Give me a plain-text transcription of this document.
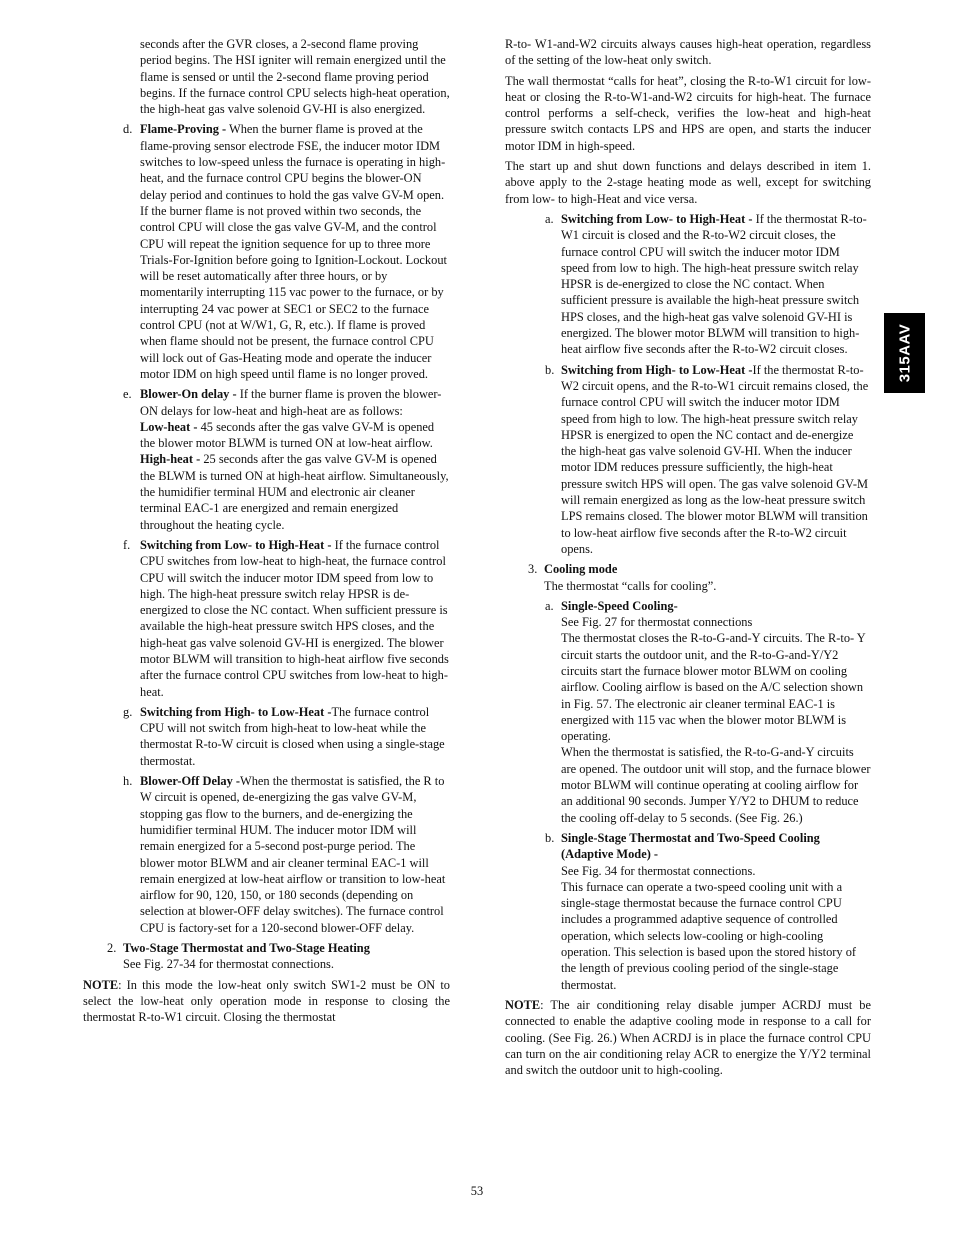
seconds after the GVR closes, a 2-second flame proving period begins. The HSI igniter will remain energized until the flame is sensed or until the 2-second flame proving period begins. If the furnace control CPU selects high-heat operation, the high-heat gas valve solenoid GV-HI is also energized.

d. Flame-Proving - When the burner flame is proved at the flame-proving sensor electrode FSE, the inducer motor IDM switches to low-speed unless the furnace is operating in high-heat, and the furnace control CPU begins the blower-ON delay period and continues to hold the gas valve GV-M open. If the burner flame is not proved within two seconds, the control CPU will close the gas valve GV-M, and the control CPU will repeat the ignition sequence for up to three more Trials-For-Ignition before going to Ignition-Lockout. Lockout will be reset automatically after three hours, or by momentarily interrupting 115 vac power to the furnace, or by interrupting 24 vac power at SEC1 or SEC2 to the furnace control CPU (not at W/W1, G, R, etc.). If flame is proved when flame should not be present, the furnace control CPU will lock out of Gas-Heating mode and operate the inducer motor IDM on high speed until flame is no longer proved.
e. Blower-On delay - If the burner flame is proven the blower-ON delays for low-heat and high-heat are as follows:

Low-heat - 45 seconds after the gas valve GV-M is opened the blower motor BLWM is turned ON at low-heat airflow.

High-heat - 25 seconds after the gas valve GV-M is opened the BLWM is turned ON at high-heat airflow. Simultaneously, the humidifier terminal HUM and electronic air cleaner terminal EAC-1 are energized and remain energized throughout the heating cycle.

f. Switching from Low- to High-Heat - If the furnace control CPU switches from low-heat to high-heat, the furnace control CPU will switch the inducer motor IDM speed from low to high. The high-heat pressure switch relay HPSR is de-energized to close the NC contact. When sufficient pressure is available the high-heat pressure switch HPS closes, and the high-heat gas valve solenoid GV-HI is energized. The blower motor BLWM will transition to high-heat airflow five seconds after the furnace control CPU switches from low-heat to high-heat.
g. Switching from High- to Low-Heat -The furnace control CPU will not switch from high-heat to low-heat while the thermostat R-to-W circuit is closed when using a single-stage thermostat.
h. Blower-Off Delay -When the thermostat is satisfied, the R to W circuit is opened, de-energizing the gas valve GV-M, stopping gas flow to the burners, and de-energizing the humidifier terminal HUM. The inducer motor IDM will remain energized for a 5-second post-purge period. The blower motor BLWM and air cleaner terminal EAC-1 will remain energized at low-heat airflow or transition to low-heat airflow for 90, 120, 150, or 180 seconds (depending on selection at blower-OFF delay switches). The furnace control CPU is factory-set for a 120-second blower-OFF delay.
2. Two-Stage Thermostat and Two-Stage Heating

See Fig. 27-34 for thermostat connections.

NOTE: In this mode the low-heat only switch SW1-2 must be ON to select the low-heat only operation mode in response to closing the thermostat R-to-W1 circuit. Closing the thermostat

R-to- W1-and-W2 circuits always causes high-heat operation, regardless of the setting of the low-heat only switch.

The wall thermostat “calls for heat”, closing the R-to-W1 circuit for low-heat or closing the R-to-W1-and-W2 circuits for high-heat. The furnace control performs a self-check, verifies the low-heat and high-heat pressure switch contacts LPS and HPS are open, and starts the inducer motor IDM in high-speed.

The start up and shut down functions and delays described in item 1. above apply to the 2-stage heating mode as well, except for switching from low- to high-Heat and vice versa.

a. Switching from Low- to High-Heat - If the thermostat R-to-W1 circuit is closed and the R-to-W2 circuit closes, the furnace control CPU will switch the inducer motor IDM speed from low to high. The high-heat pressure switch relay HPSR is de-energized to close the NC contact. When sufficient pressure is available the high-heat pressure switch HPS closes, and the high-heat gas valve solenoid GV-HI is energized. The blower motor BLWM will transition to high-heat airflow five seconds after the R-to-W2 circuit closes.
b. Switching from High- to Low-Heat -If the thermostat R-to- W2 circuit opens, and the R-to-W1 circuit remains closed, the furnace control CPU will switch the inducer motor IDM speed from high to low. The high-heat pressure switch relay HPSR is energized to open the NC contact and de-energize the high-heat gas valve solenoid GV-HI. When the inducer motor IDM reduces pressure sufficiently, the high-heat pressure switch HPS will open. The gas valve solenoid GV-M will remain energized as long as the low-heat pressure switch LPS remains closed. The blower motor BLWM will transition to low-heat airflow five seconds after the R-to-W2 circuit opens.
3. Cooling mode

The thermostat “calls for cooling”.

a. Single-Speed Cooling-

See Fig. 27 for thermostat connections

The thermostat closes the R-to-G-and-Y circuits. The R-to- Y circuit starts the outdoor unit, and the R-to-G-and-Y/Y2 circuits start the furnace blower motor BLWM on cooling airflow. Cooling airflow is based on the A/C selection shown in Fig. 57. The electronic air cleaner terminal EAC-1 is energized with 115 vac when the blower motor BLWM is operating.

When the thermostat is satisfied, the R-to-G-and-Y circuits are opened. The outdoor unit will stop, and the furnace blower motor BLWM will continue operating at cooling airflow for an additional 90 seconds. Jumper Y/Y2 to DHUM to reduce the cooling off-delay to 5 seconds. (See Fig. 26.)

b. Single-Stage Thermostat and Two-Speed Cooling (Adaptive Mode) -

See Fig. 34 for thermostat connections.

This furnace can operate a two-speed cooling unit with a single-stage thermostat because the furnace control CPU includes a programmed adaptive sequence of controlled operation, which selects low-cooling or high-cooling operation. This selection is based upon the stored history of the length of previous cooling period of the single-stage thermostat.

NOTE: The air conditioning relay disable jumper ACRDJ must be connected to enable the adaptive cooling mode in response to a call for cooling. (See Fig. 26.) When ACRDJ is in place the furnace control CPU can turn on the air conditioning relay ACR to energize the Y/Y2 terminal and switch the outdoor unit to high-cooling.

315AAV
53
